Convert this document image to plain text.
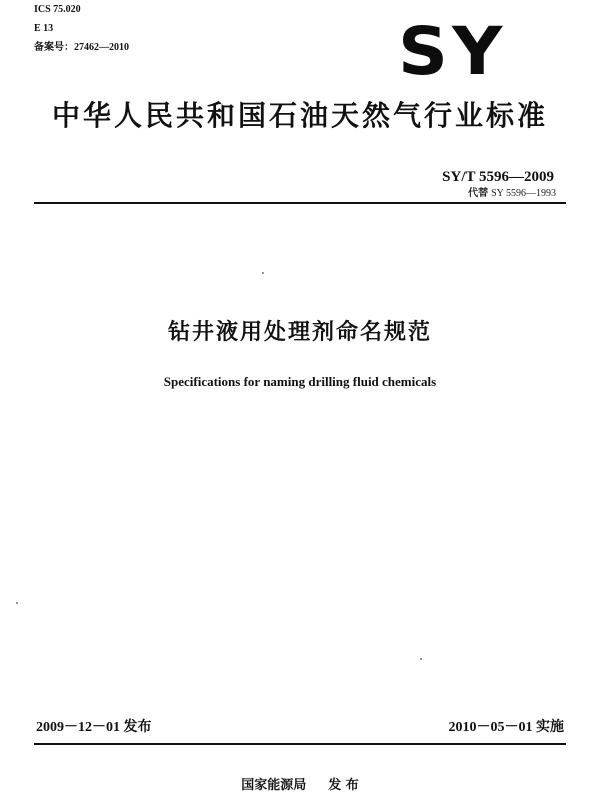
ICS 75.020
E 13
备案号：27462—2010	SY
中华人民共和国石油天然气行业标准
SY/T 5596—2009
代替 SY 5596—1993
钻井液用处理剂命名规范
Specifications for naming drilling fluid chemicals
2009－12－01 发布	2010－05－01 实施
国家能源局 发 布
